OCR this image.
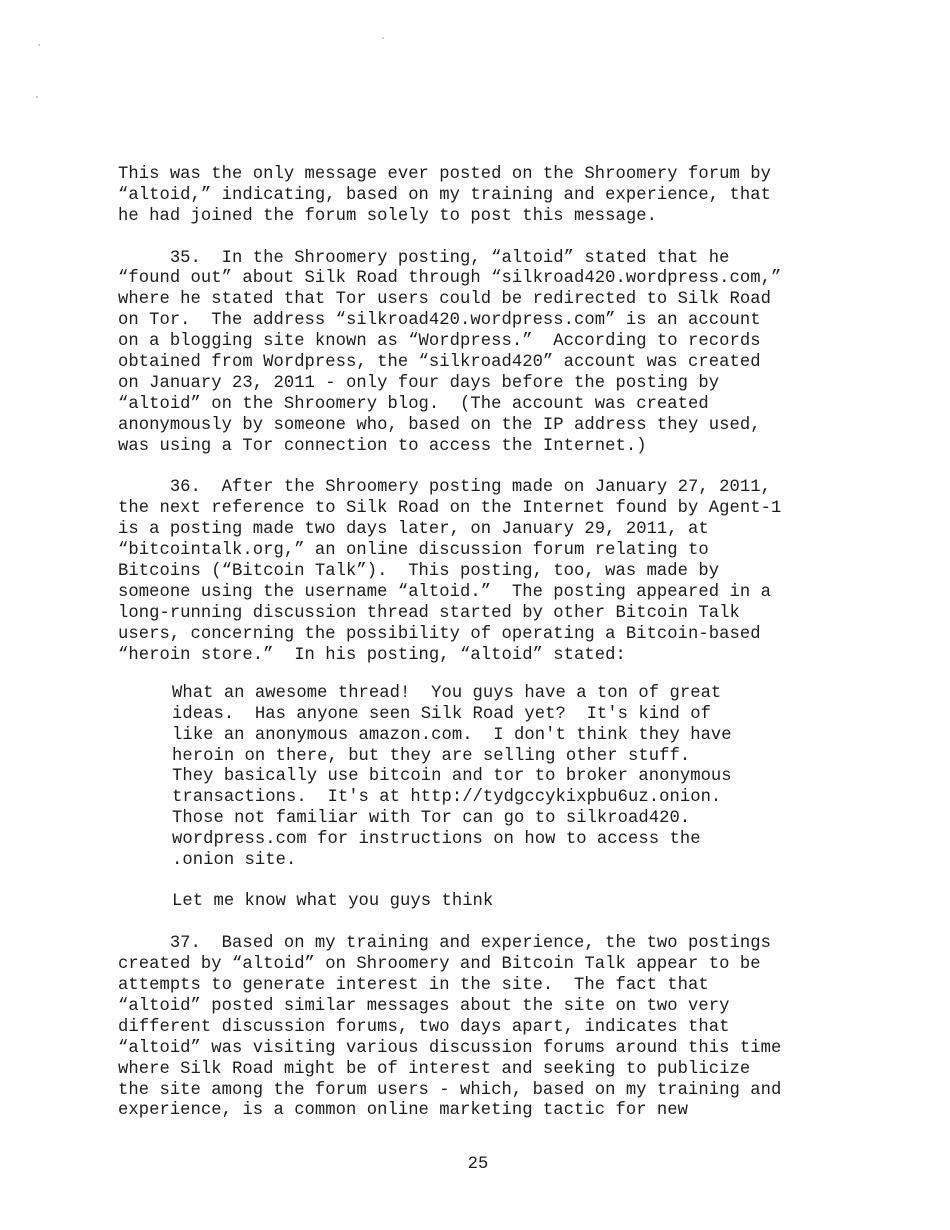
This was the only message ever posted on the Shroomery forum by

“altoid,” indicating, based on my training and experience, that

he had joined the forum solely to post this message.

35.  In the Shroomery posting, “altoid” stated that he

“found out” about Silk Road through “silkroad420.wordpress.com,”

where he stated that Tor users could be redirected to Silk Road

on Tor.  The address “silkroad420.wordpress.com” is an account

on a blogging site known as “Wordpress.”  According to records

obtained from Wordpress, the “silkroad420” account was created

on January 23, 2011 - only four days before the posting by

“altoid” on the Shroomery blog.  (The account was created

anonymously by someone who, based on the IP address they used,

was using a Tor connection to access the Internet.)

36.  After the Shroomery posting made on January 27, 2011,

the next reference to Silk Road on the Internet found by Agent-1

is a posting made two days later, on January 29, 2011, at

“bitcointalk.org,” an online discussion forum relating to

Bitcoins (“Bitcoin Talk”).  This posting, too, was made by

someone using the username “altoid.”  The posting appeared in a

long-running discussion thread started by other Bitcoin Talk

users, concerning the possibility of operating a Bitcoin-based

“heroin store.”  In his posting, “altoid” stated:

What an awesome thread!  You guys have a ton of great

ideas.  Has anyone seen Silk Road yet?  It's kind of

like an anonymous amazon.com.  I don't think they have

heroin on there, but they are selling other stuff.

They basically use bitcoin and tor to broker anonymous

transactions.  It's at http://tydgccykixpbu6uz.onion.

Those not familiar with Tor can go to silkroad420.

wordpress.com for instructions on how to access the

.onion site.

Let me know what you guys think

37.  Based on my training and experience, the two postings

created by “altoid” on Shroomery and Bitcoin Talk appear to be

attempts to generate interest in the site.  The fact that

“altoid” posted similar messages about the site on two very

different discussion forums, two days apart, indicates that

“altoid” was visiting various discussion forums around this time

where Silk Road might be of interest and seeking to publicize

the site among the forum users - which, based on my training and

experience, is a common online marketing tactic for new

25
